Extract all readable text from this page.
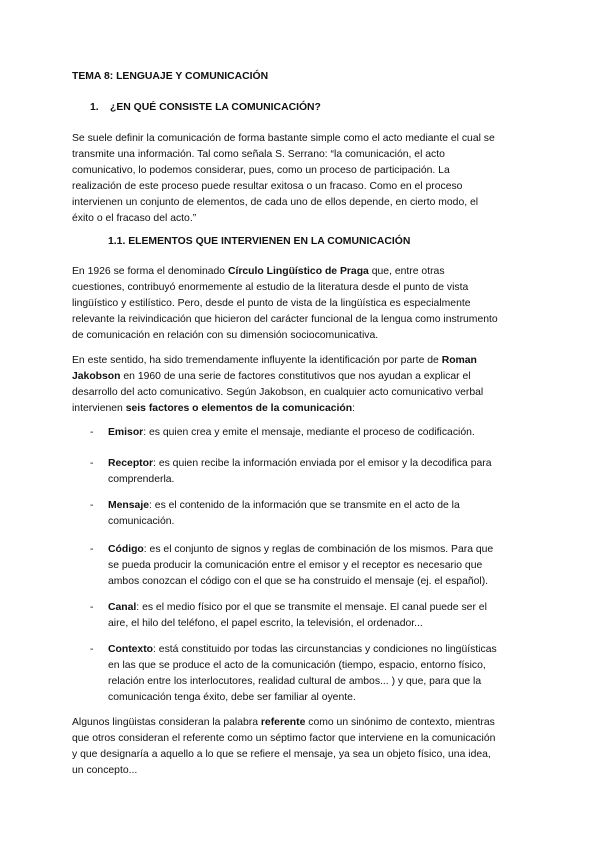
TEMA 8: LENGUAJE Y COMUNICACIÓN
1. ¿EN QUÉ CONSISTE LA COMUNICACIÓN?
Se suele definir la comunicación de forma bastante simple como el acto mediante el cual se
transmite una información. Tal como señala S. Serrano: “la comunicación, el acto
comunicativo, lo podemos considerar, pues, como un proceso de participación. La
realización de este proceso puede resultar exitosa o un fracaso. Como en el proceso
intervienen un conjunto de elementos, de cada uno de ellos depende, en cierto modo, el
éxito o el fracaso del acto.”
1.1. ELEMENTOS QUE INTERVIENEN EN LA COMUNICACIÓN
En 1926 se forma el denominado Círculo Lingüístico de Praga que, entre otras
cuestiones, contribuyó enormemente al estudio de la literatura desde el punto de vista
lingüístico y estilístico. Pero, desde el punto de vista de la lingüística es especialmente
relevante la reivindicación que hicieron del carácter funcional de la lengua como instrumento
de comunicación en relación con su dimensión sociocomunicativa.
En este sentido, ha sido tremendamente influyente la identificación por parte de Roman
Jakobson en 1960 de una serie de factores constitutivos que nos ayudan a explicar el
desarrollo del acto comunicativo. Según Jakobson, en cualquier acto comunicativo verbal
intervienen seis factores o elementos de la comunicación:
- Emisor: es quien crea y emite el mensaje, mediante el proceso de codificación.
- Receptor: es quien recibe la información enviada por el emisor y la decodifica para
comprenderla.
- Mensaje: es el contenido de la información que se transmite en el acto de la
comunicación.
- Código: es el conjunto de signos y reglas de combinación de los mismos. Para que
se pueda producir la comunicación entre el emisor y el receptor es necesario que
ambos conozcan el código con el que se ha construido el mensaje (ej. el español).
- Canal: es el medio físico por el que se transmite el mensaje. El canal puede ser el
aire, el hilo del teléfono, el papel escrito, la televisión, el ordenador...
- Contexto: está constituido por todas las circunstancias y condiciones no lingüísticas
en las que se produce el acto de la comunicación (tiempo, espacio, entorno físico,
relación entre los interlocutores, realidad cultural de ambos... ) y que, para que la
comunicación tenga éxito, debe ser familiar al oyente.
Algunos lingüistas consideran la palabra referente como un sinónimo de contexto, mientras
que otros consideran el referente como un séptimo factor que interviene en la comunicación
y que designaría a aquello a lo que se refiere el mensaje, ya sea un objeto físico, una idea,
un concepto...
